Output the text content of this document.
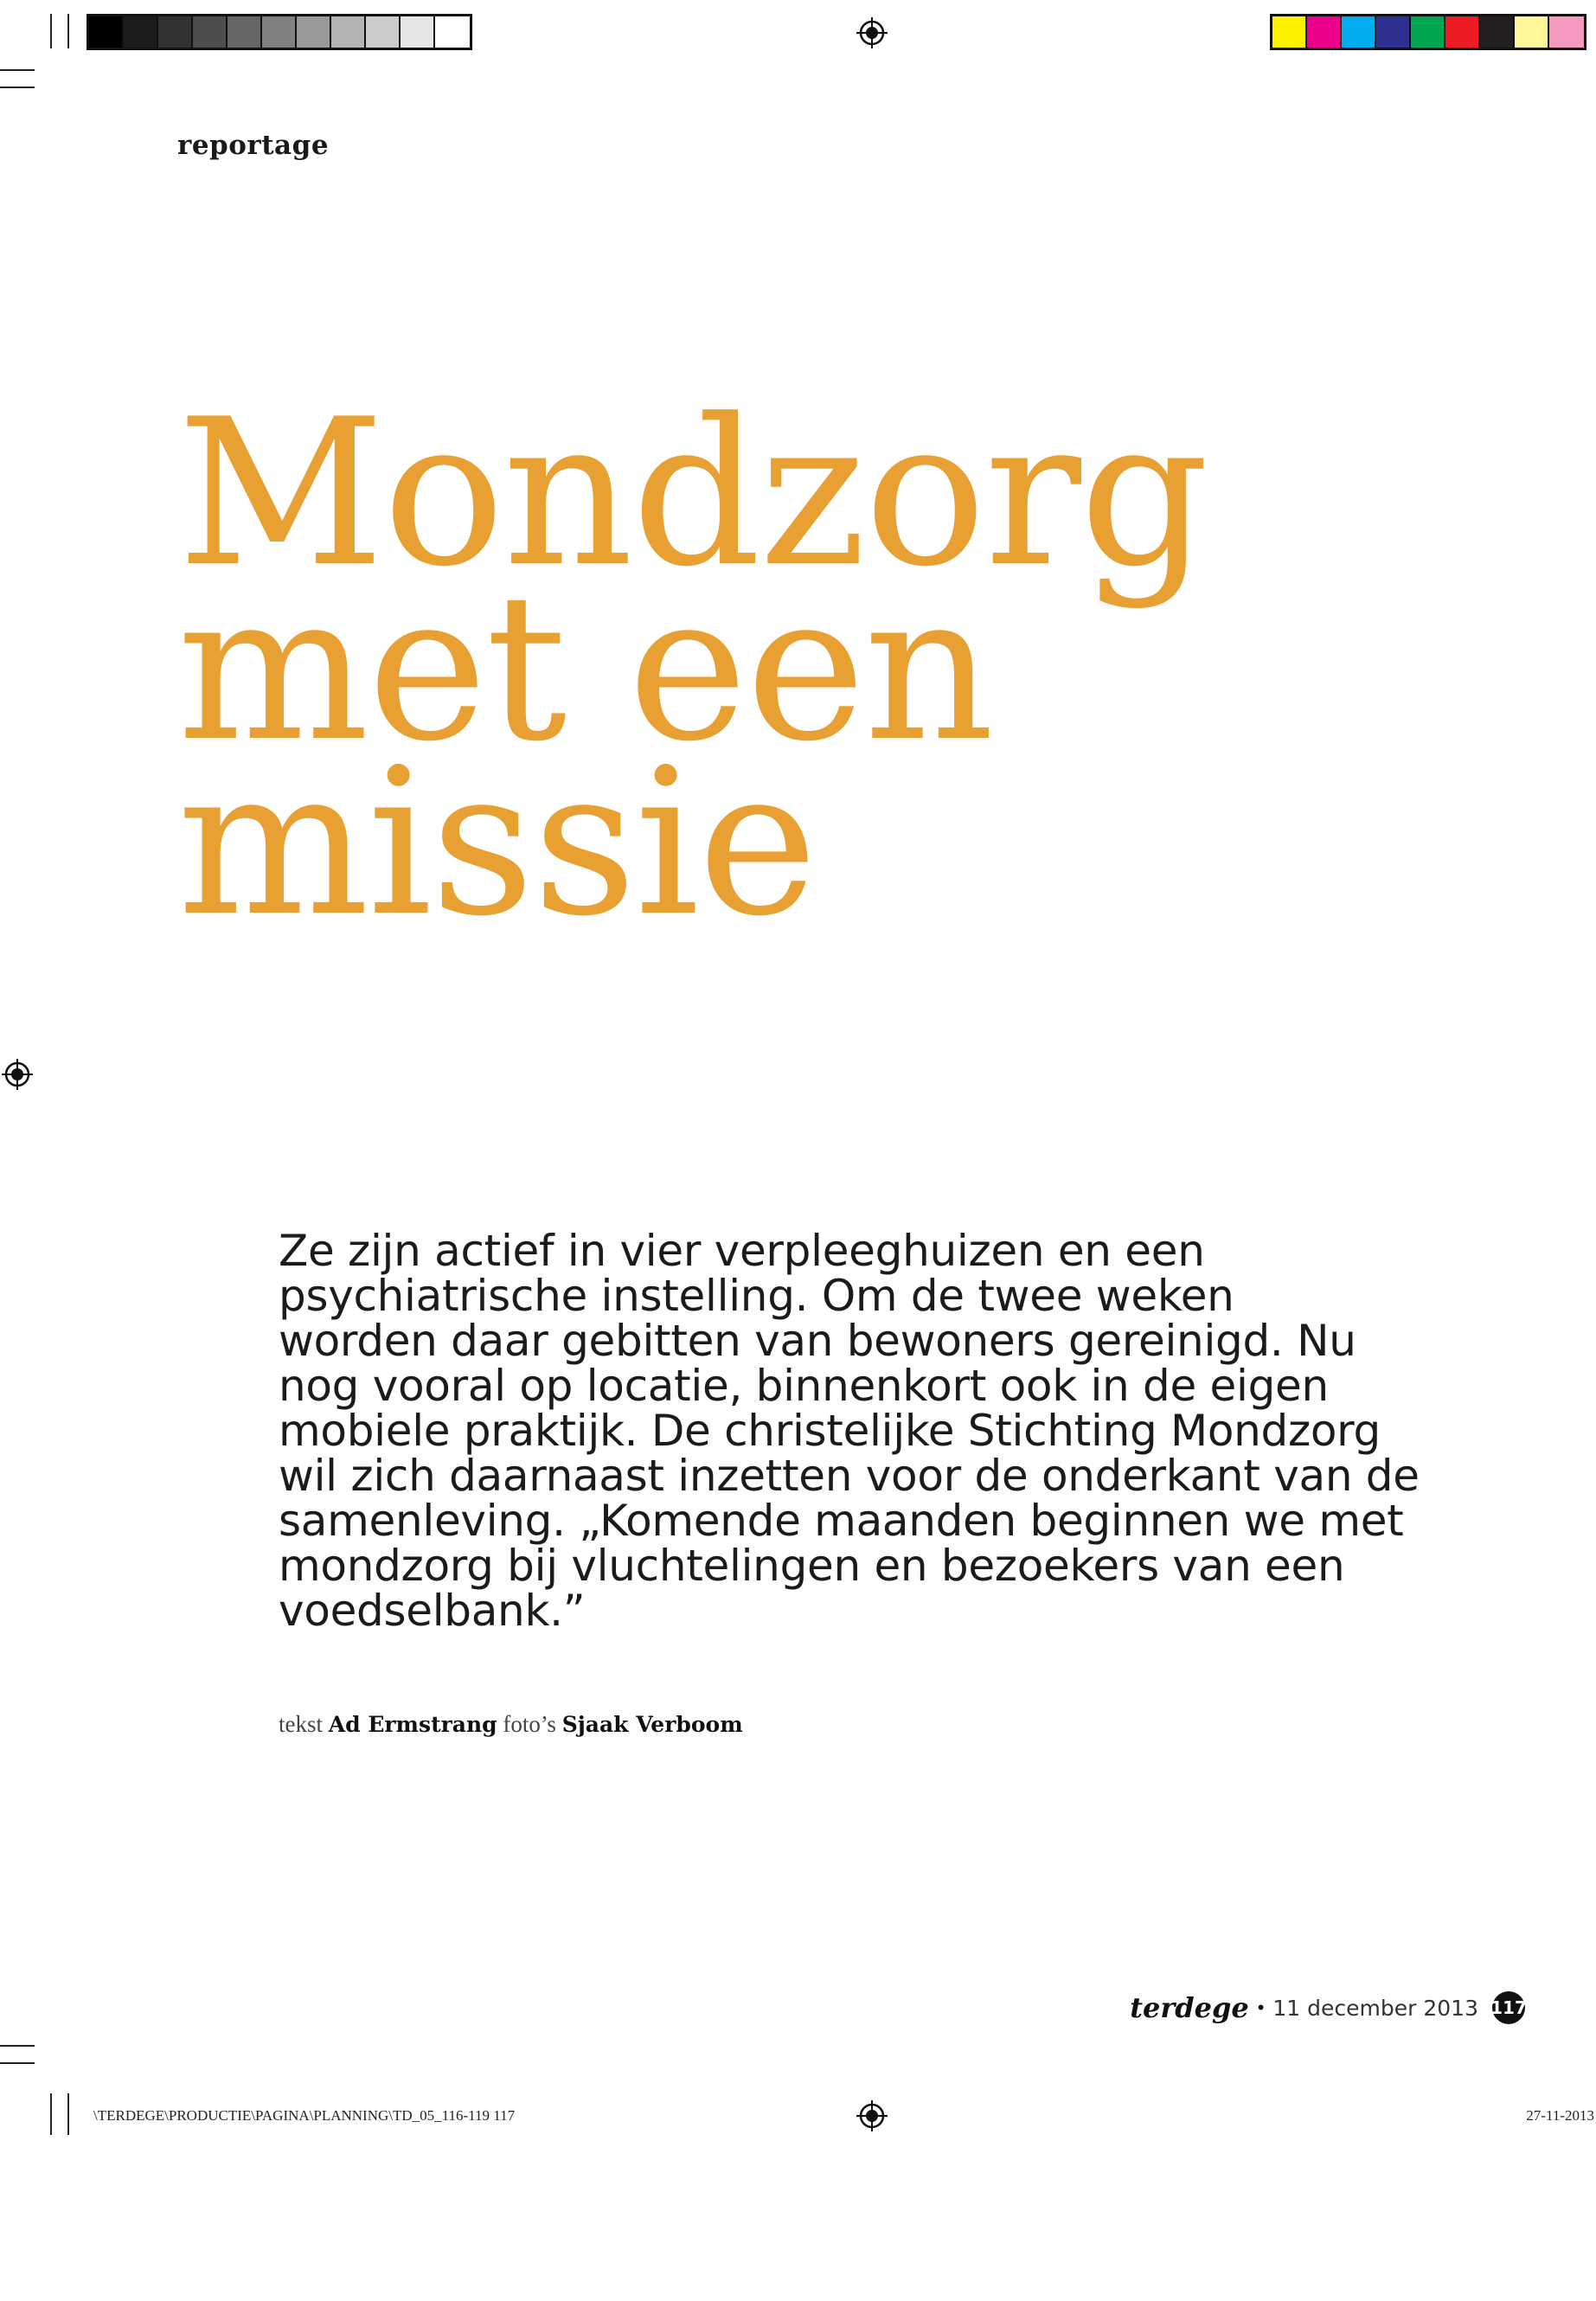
reportage
Mondzorg
met een
missie

Ze zijn actief in vier verpleeghuizen en een
psychiatrische instelling. Om de twee weken
worden daar gebitten van bewoners gereinigd. Nu
nog vooral op locatie, binnenkort ook in de eigen
mobiele praktijk. De christelijke Stichting Mondzorg
wil zich daarnaast inzetten voor de onderkant van de
samenleving. „Komende maanden beginnen we met
mondzorg bij vluchtelingen en bezoekers van een
voedselbank.”

tekst Ad Ermstrang foto’s Sjaak Verboom
terdege • 11 december 2013 117
\TERDEGE\PRODUCTIE\PAGINA\PLANNING\TD_05_116-119 117	27-11-2013
